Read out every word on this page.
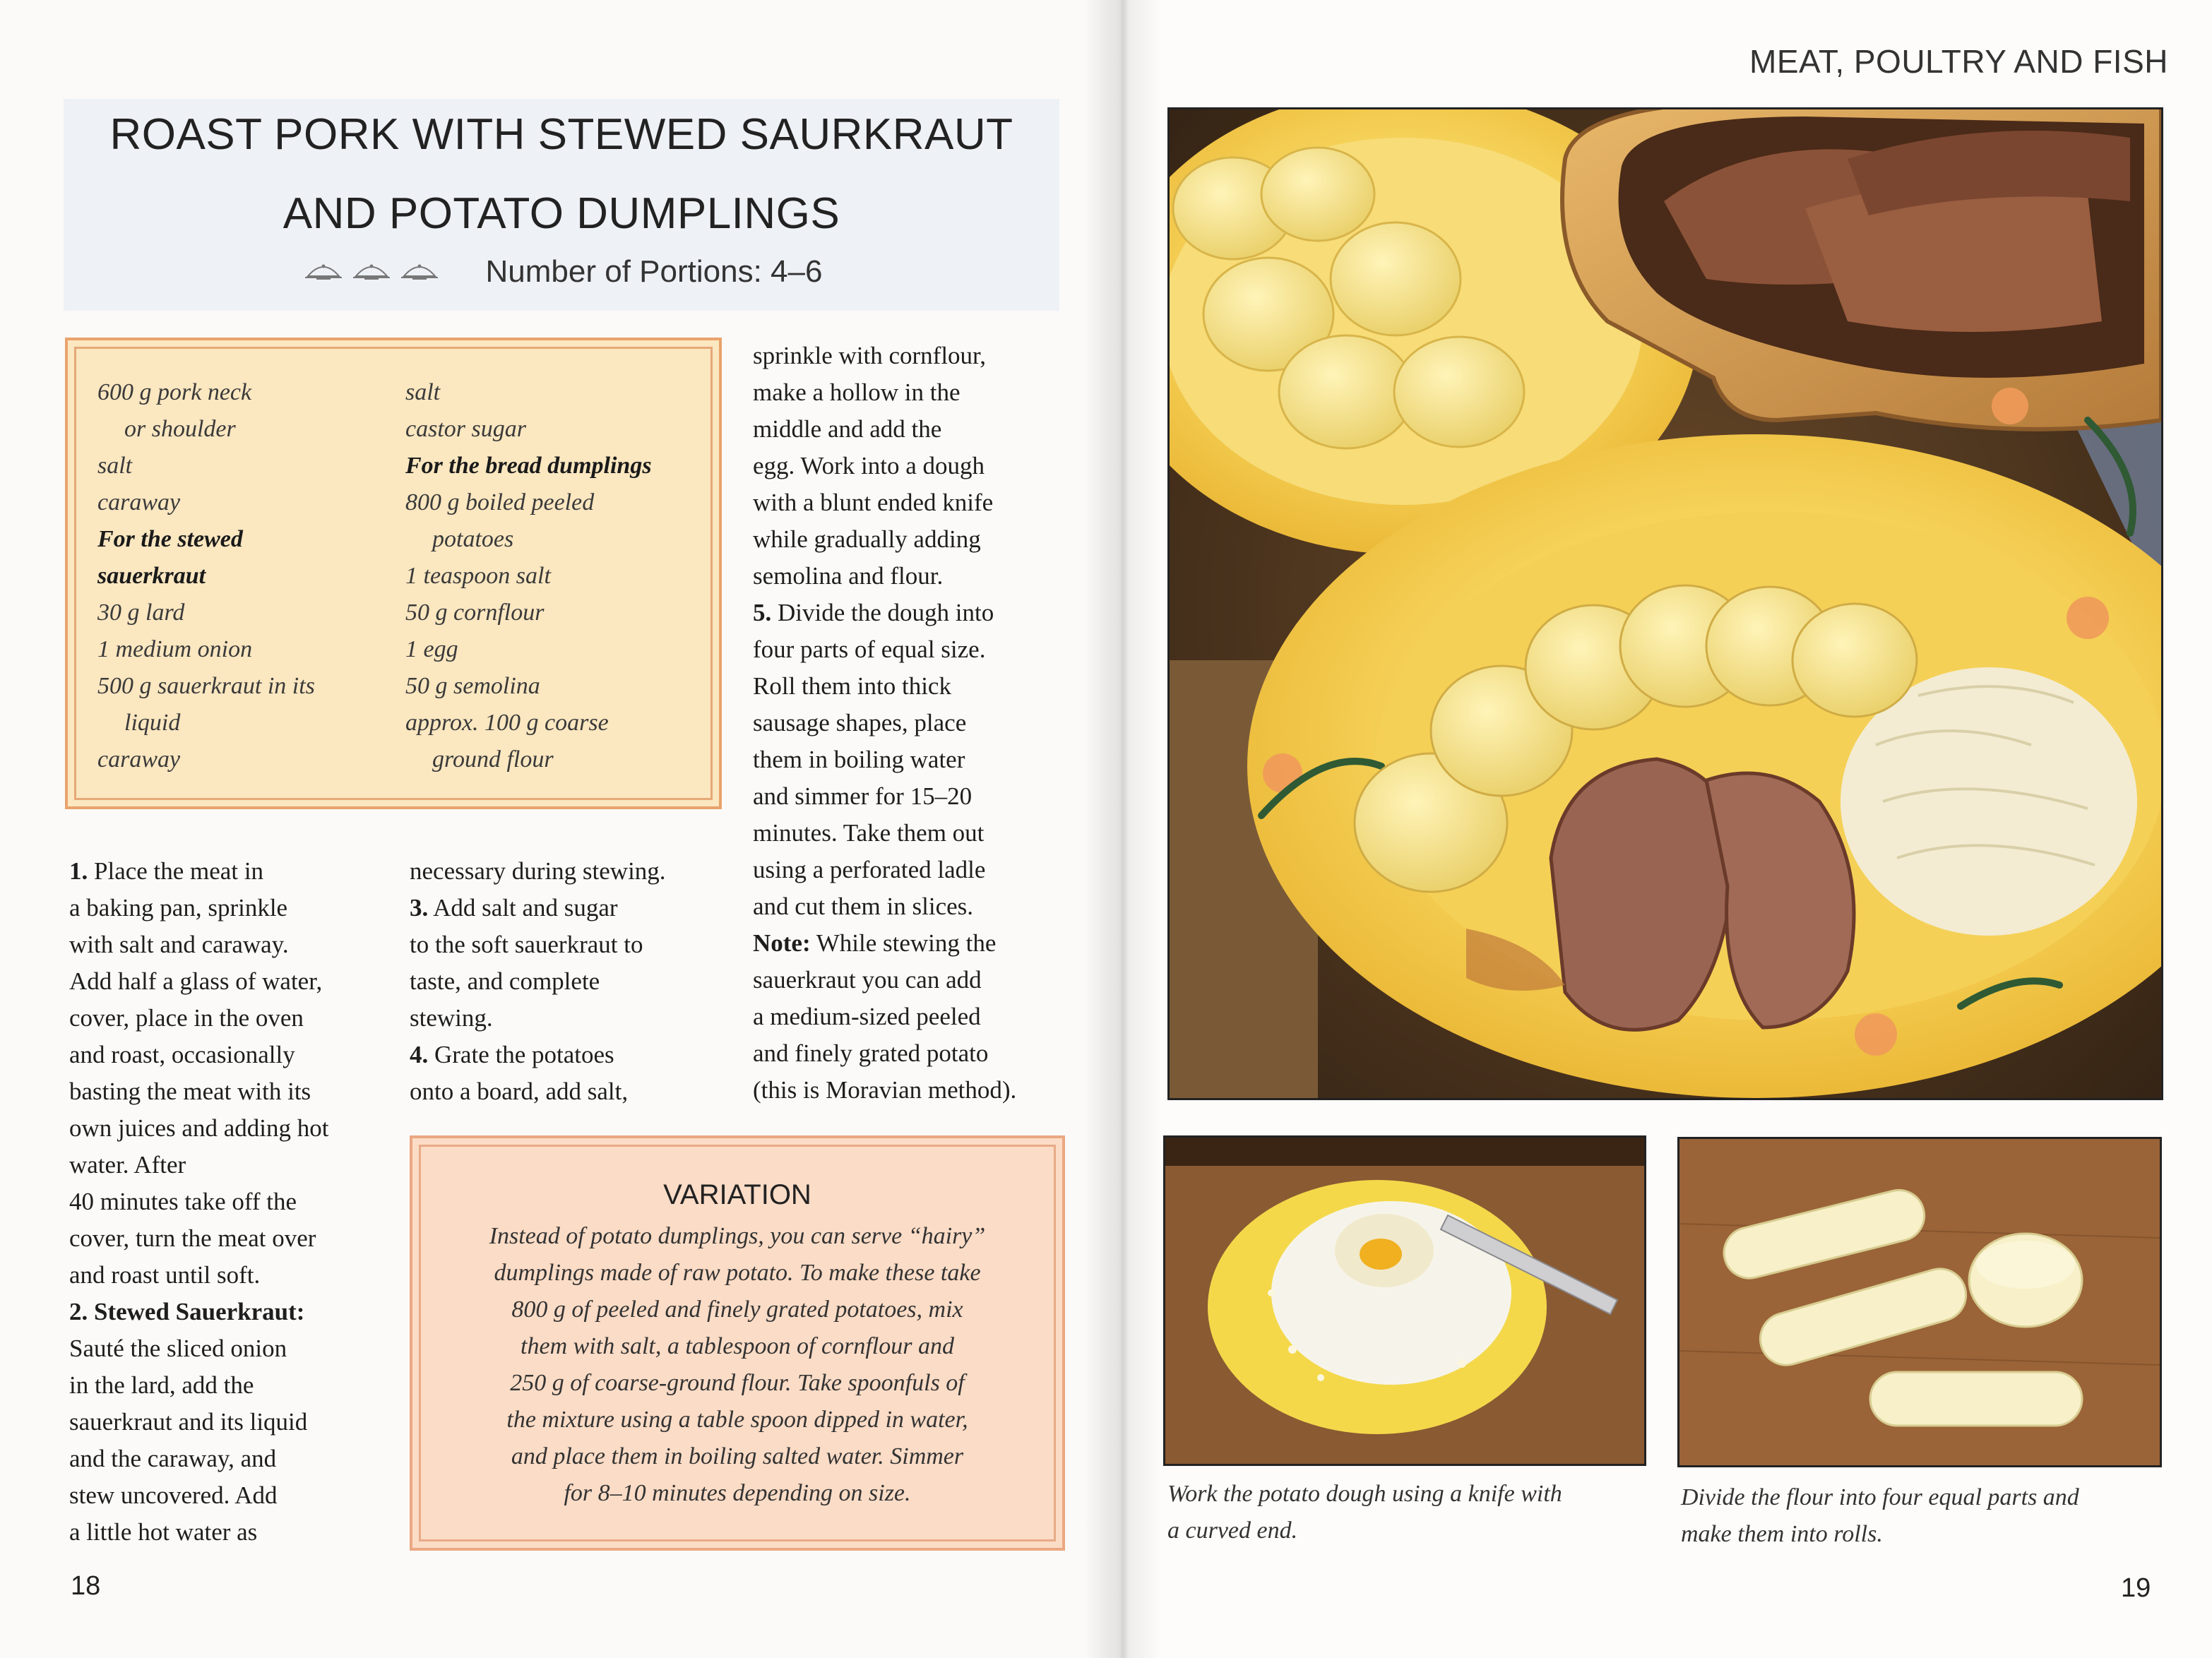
ROAST PORK WITH STEWED SAURKRAUT
AND POTATO DUMPLINGS
Number of Portions: 4–6
600 g pork neck
or shoulder
salt
caraway
For the stewed
sauerkraut
30 g lard
1 medium onion
500 g sauerkraut in its
liquid
caraway
salt
castor sugar
For the bread dumplings
800 g boiled peeled
potatoes
1 teaspoon salt
50 g cornflour
1 egg
50 g semolina
approx. 100 g coarse
ground flour
1. Place the meat in
a baking pan, sprinkle
with salt and caraway.
Add half a glass of water,
cover, place in the oven
and roast, occasionally
basting the meat with its
own juices and adding hot
water. After
40 minutes take off the
cover, turn the meat over
and roast until soft.
2. Stewed Sauerkraut:
Sauté the sliced onion
in the lard, add the
sauerkraut and its liquid
and the caraway, and
stew uncovered. Add
a little hot water as
necessary during stewing.
3. Add salt and sugar
to the soft sauerkraut to
taste, and complete
stewing.
4. Grate the potatoes
onto a board, add salt,
sprinkle with cornflour,
make a hollow in the
middle and add the
egg. Work into a dough
with a blunt ended knife
while gradually adding
semolina and flour.
5. Divide the dough into
four parts of equal size.
Roll them into thick
sausage shapes, place
them in boiling water
and simmer for 15–20
minutes. Take them out
using a perforated ladle
and cut them in slices.
Note: While stewing the
sauerkraut you can add
a medium-sized peeled
and finely grated potato
(this is Moravian method).
VARIATION
Instead of potato dumplings, you can serve “hairy”
dumplings made of raw potato. To make these take
800 g of peeled and finely grated potatoes, mix
them with salt, a tablespoon of cornflour and
250 g of coarse-ground flour. Take spoonfuls of
the mixture using a table spoon dipped in water,
and place them in boiling salted water. Simmer
for 8–10 minutes depending on size.
18
MEAT, POULTRY AND FISH
Work the potato dough using a knife with
a curved end.
Divide the flour into four equal parts and
make them into rolls.
19
